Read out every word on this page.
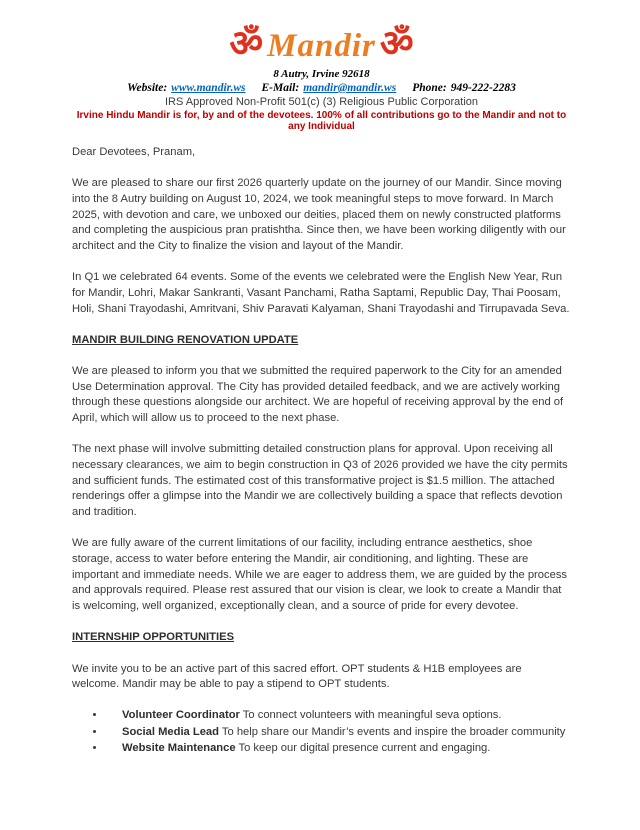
ॐ Mandir ॐ
8 Autry, Irvine 92618
Website: www.mandir.ws E-Mail: mandir@mandir.ws Phone: 949-222-2283
IRS Approved Non-Profit 501(c) (3) Religious Public Corporation
Irvine Hindu Mandir is for, by and of the devotees. 100% of all contributions go to the Mandir and not to any Individual

Dear Devotees, Pranam,

We are pleased to share our first 2026 quarterly update on the journey of our Mandir. Since moving into the 8 Autry building on August 10, 2024, we took meaningful steps to move forward. In March 2025, with devotion and care, we unboxed our deities, placed them on newly constructed platforms and completing the auspicious pran pratishtha. Since then, we have been working diligently with our architect and the City to finalize the vision and layout of the Mandir.

In Q1 we celebrated 64 events. Some of the events we celebrated were the English New Year, Run for Mandir, Lohri, Makar Sankranti, Vasant Panchami, Ratha Saptami, Republic Day, Thai Poosam, Holi, Shani Trayodashi, Amritvani, Shiv Paravati Kalyaman, Shani Trayodashi and Tirrupavada Seva.

MANDIR BUILDING RENOVATION UPDATE

We are pleased to inform you that we submitted the required paperwork to the City for an amended Use Determination approval. The City has provided detailed feedback, and we are actively working through these questions alongside our architect. We are hopeful of receiving approval by the end of April, which will allow us to proceed to the next phase.

The next phase will involve submitting detailed construction plans for approval. Upon receiving all necessary clearances, we aim to begin construction in Q3 of 2026 provided we have the city permits and sufficient funds. The estimated cost of this transformative project is $1.5 million. The attached renderings offer a glimpse into the Mandir we are collectively building a space that reflects devotion and tradition.

We are fully aware of the current limitations of our facility, including entrance aesthetics, shoe storage, access to water before entering the Mandir, air conditioning, and lighting. These are important and immediate needs. While we are eager to address them, we are guided by the process and approvals required. Please rest assured that our vision is clear, we look to create a Mandir that is welcoming, well organized, exceptionally clean, and a source of pride for every devotee.

INTERNSHIP OPPORTUNITIES

We invite you to be an active part of this sacred effort. OPT students & H1B employees are welcome. Mandir may be able to pay a stipend to OPT students.

• Volunteer Coordinator To connect volunteers with meaningful seva options.
• Social Media Lead To help share our Mandir’s events and inspire the broader community
• Website Maintenance To keep our digital presence current and engaging.
